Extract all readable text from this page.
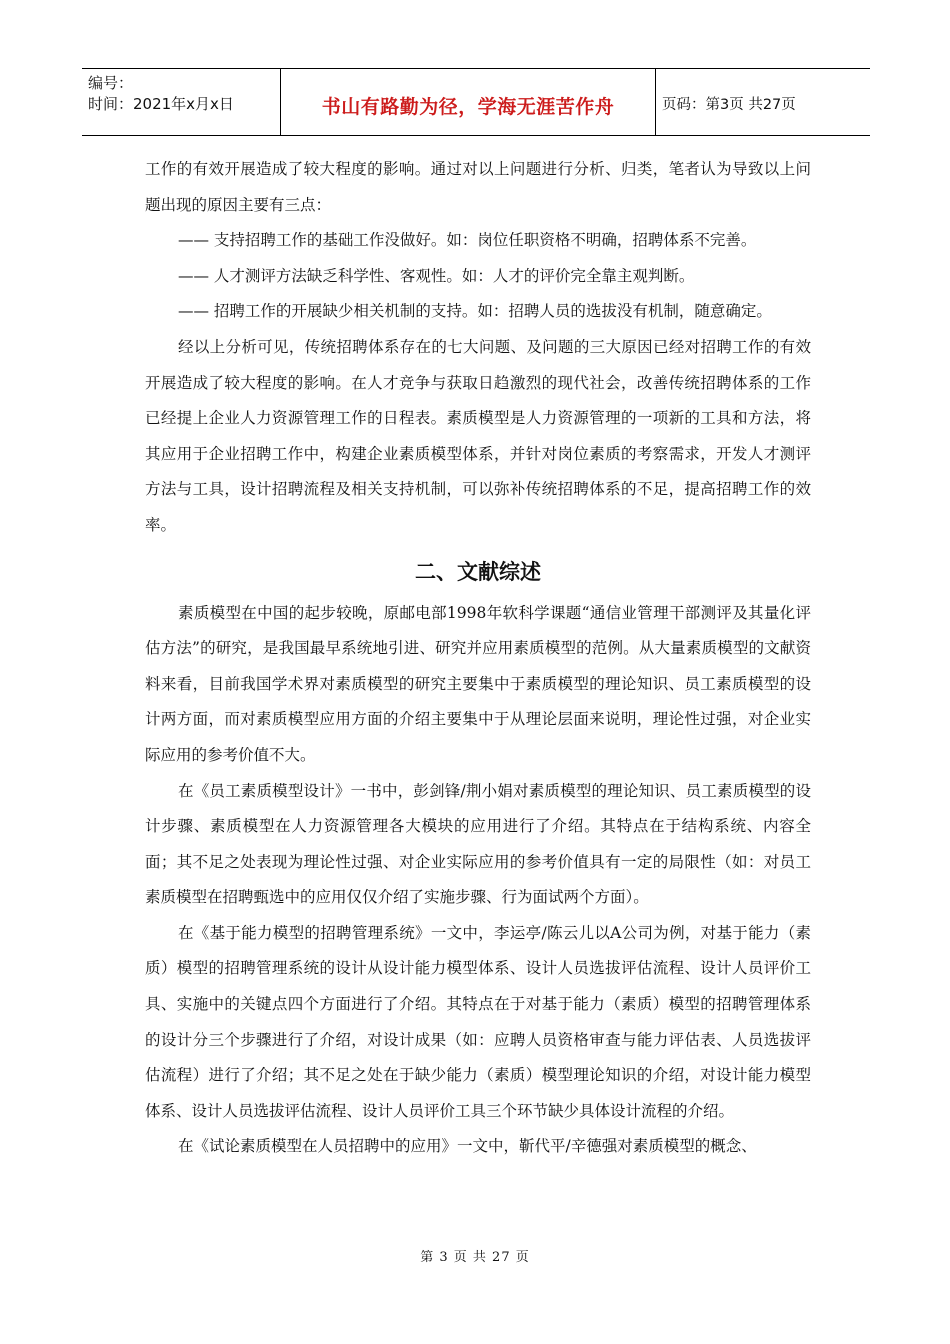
编号：
时间：2021年x月x日	书山有路勤为径，学海无涯苦作舟	页码：第3页 共27页

工作的有效开展造成了较大程度的影响。通过对以上问题进行分析、归类，笔者认为导致以上问题出现的原因主要有三点：

—— 支持招聘工作的基础工作没做好。如：岗位任职资格不明确，招聘体系不完善。

—— 人才测评方法缺乏科学性、客观性。如：人才的评价完全靠主观判断。

—— 招聘工作的开展缺少相关机制的支持。如：招聘人员的选拔没有机制，随意确定。

经以上分析可见，传统招聘体系存在的七大问题、及问题的三大原因已经对招聘工作的有效开展造成了较大程度的影响。在人才竞争与获取日趋激烈的现代社会，改善传统招聘体系的工作已经提上企业人力资源管理工作的日程表。素质模型是人力资源管理的一项新的工具和方法，将其应用于企业招聘工作中，构建企业素质模型体系，并针对岗位素质的考察需求，开发人才测评方法与工具，设计招聘流程及相关支持机制，可以弥补传统招聘体系的不足，提高招聘工作的效率。

二、文献综述

素质模型在中国的起步较晚，原邮电部1998年软科学课题“通信业管理干部测评及其量化评估方法”的研究，是我国最早系统地引进、研究并应用素质模型的范例。从大量素质模型的文献资料来看，目前我国学术界对素质模型的研究主要集中于素质模型的理论知识、员工素质模型的设计两方面，而对素质模型应用方面的介绍主要集中于从理论层面来说明，理论性过强，对企业实际应用的参考价值不大。

在《员工素质模型设计》一书中，彭剑锋/荆小娟对素质模型的理论知识、员工素质模型的设计步骤、素质模型在人力资源管理各大模块的应用进行了介绍。其特点在于结构系统、内容全面；其不足之处表现为理论性过强、对企业实际应用的参考价值具有一定的局限性（如：对员工素质模型在招聘甄选中的应用仅仅介绍了实施步骤、行为面试两个方面）。

在《基于能力模型的招聘管理系统》一文中，李运亭/陈云儿以A公司为例，对基于能力（素质）模型的招聘管理系统的设计从设计能力模型体系、设计人员选拔评估流程、设计人员评价工具、实施中的关键点四个方面进行了介绍。其特点在于对基于能力（素质）模型的招聘管理体系的设计分三个步骤进行了介绍，对设计成果（如：应聘人员资格审查与能力评估表、人员选拔评估流程）进行了介绍；其不足之处在于缺少能力（素质）模型理论知识的介绍，对设计能力模型体系、设计人员选拔评估流程、设计人员评价工具三个环节缺少具体设计流程的介绍。

在《试论素质模型在人员招聘中的应用》一文中，靳代平/辛德强对素质模型的概念、

第 3 页 共 27 页
